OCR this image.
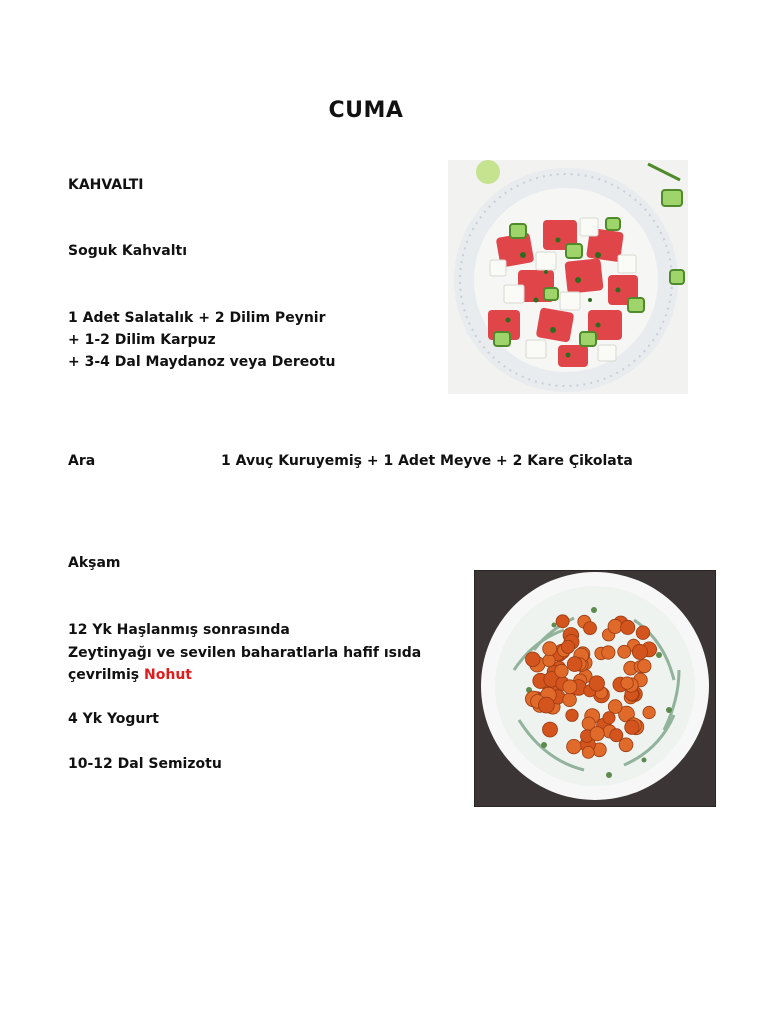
CUMA
KAHVALTI
Soguk Kahvaltı
1 Adet Salatalık + 2 Dilim Peynir
+ 1-2 Dilim Karpuz
+ 3-4 Dal Maydanoz veya Dereotu
Ara	1 Avuç Kuruyemiş + 1 Adet Meyve + 2 Kare Çikolata
Akşam
12 Yk Haşlanmış sonrasında
Zeytinyağı ve sevilen baharatlarla hafif ısıda
çevrilmiş Nohut
4 Yk Yogurt
10-12 Dal Semizotu
